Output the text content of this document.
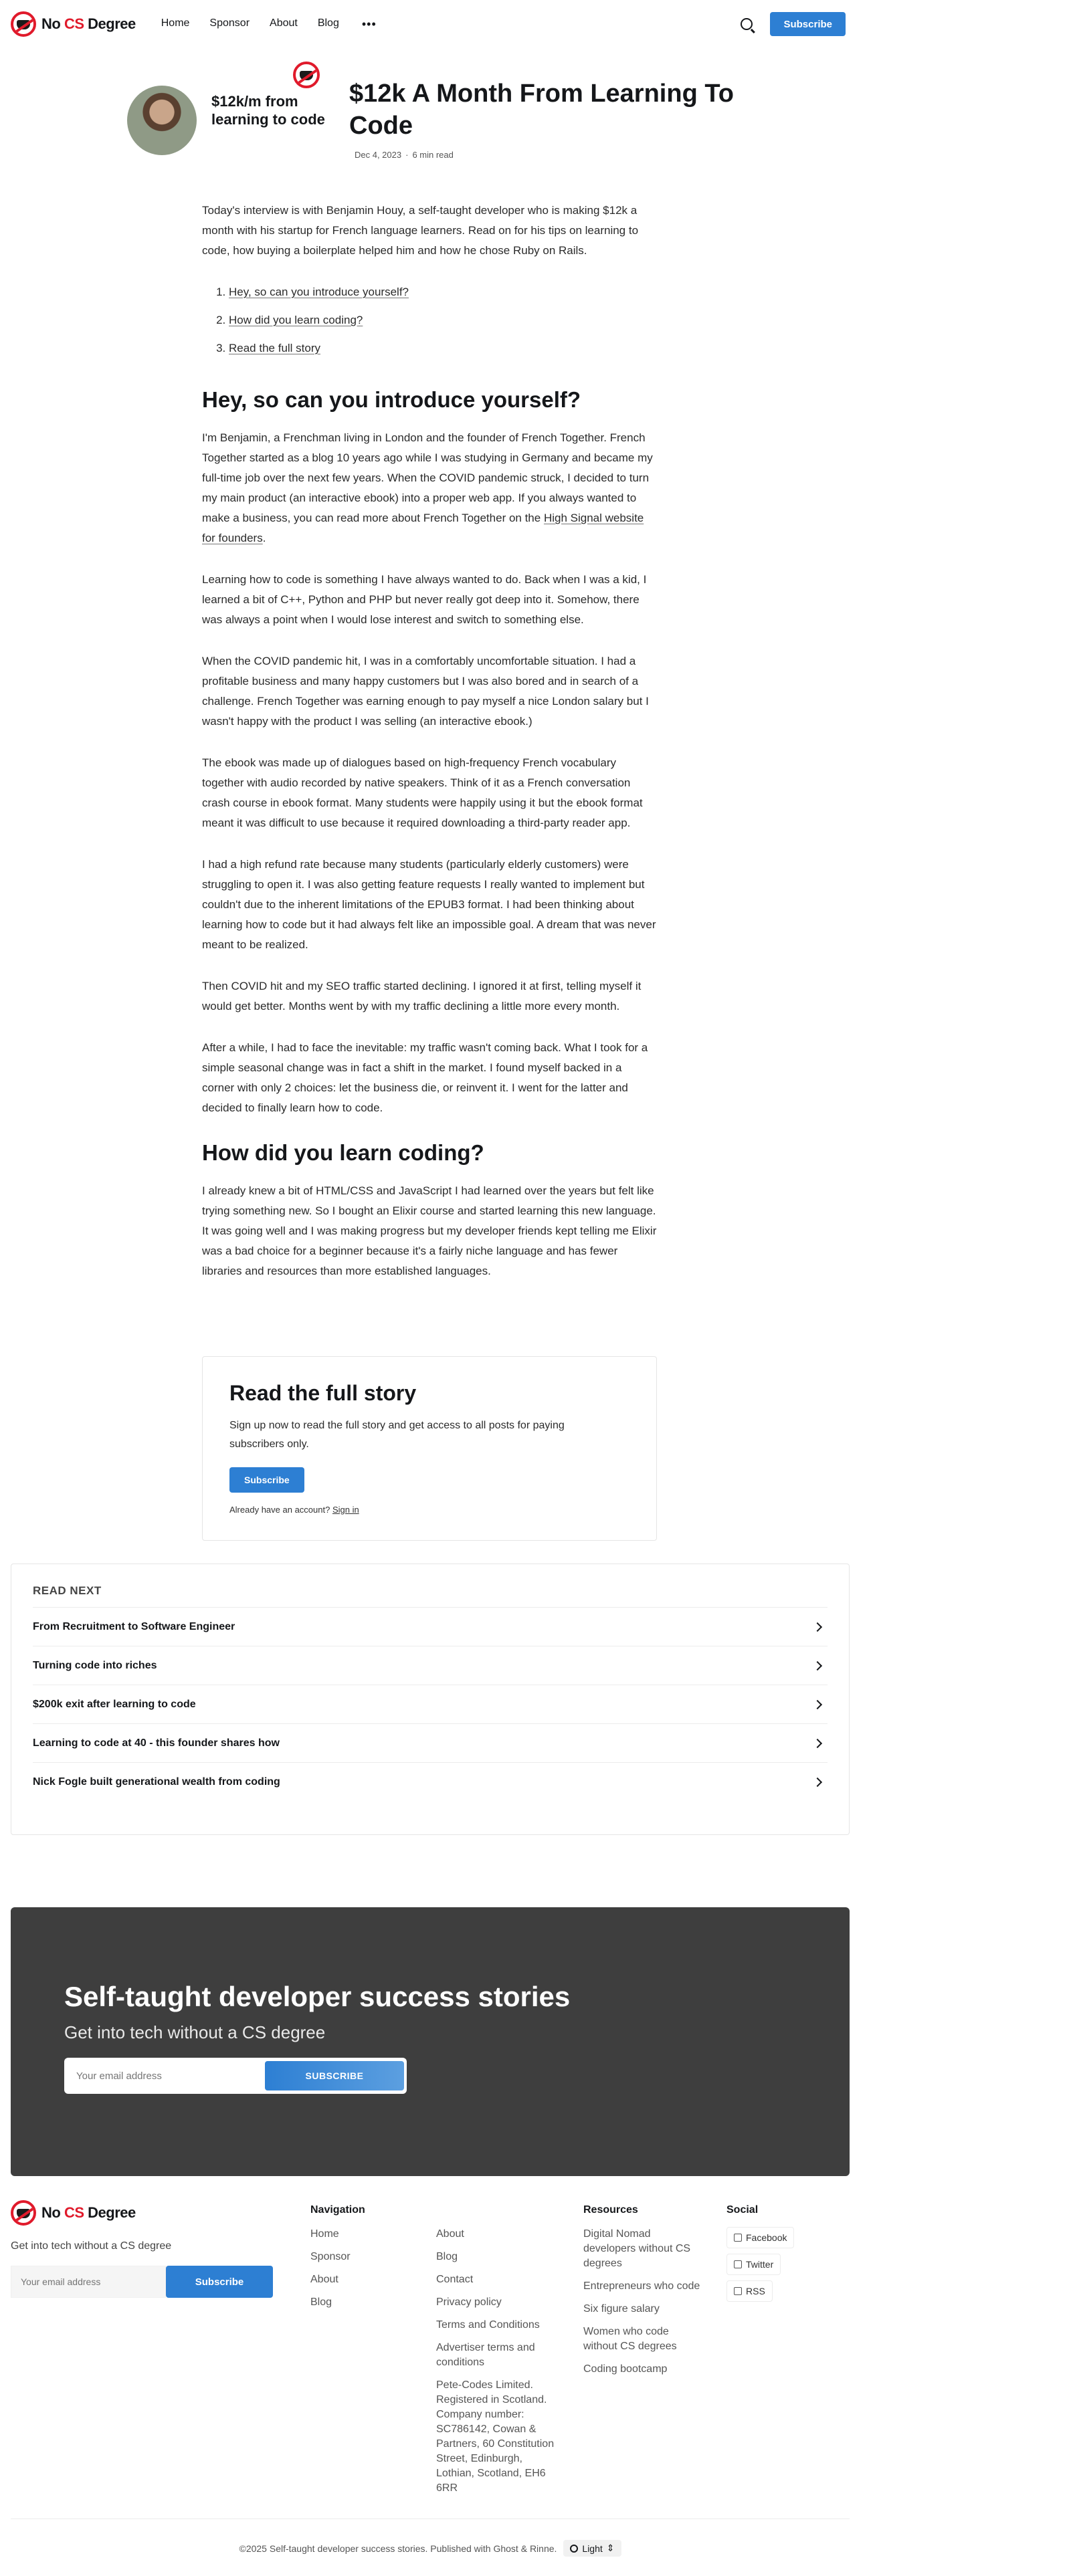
No CS Degree Home Sponsor About Blog •••	Subscribe
$12k/m from learning to code
$12k A Month From Learning To Code
Dec 4, 2023 · 6 min read

Today's interview is with Benjamin Houy, a self-taught developer who is making $12k a month with his startup for French language learners. Read on for his tips on learning to code, how buying a boilerplate helped him and how he chose Ruby on Rails.

1. Hey, so can you introduce yourself?
2. How did you learn coding?
3. Read the full story
Hey, so can you introduce yourself?

I'm Benjamin, a Frenchman living in London and the founder of French Together. French Together started as a blog 10 years ago while I was studying in Germany and became my full-time job over the next few years. When the COVID pandemic struck, I decided to turn my main product (an interactive ebook) into a proper web app. If you always wanted to make a business, you can read more about French Together on the High Signal website for founders.

Learning how to code is something I have always wanted to do. Back when I was a kid, I learned a bit of C++, Python and PHP but never really got deep into it. Somehow, there was always a point when I would lose interest and switch to something else.

When the COVID pandemic hit, I was in a comfortably uncomfortable situation. I had a profitable business and many happy customers but I was also bored and in search of a challenge. French Together was earning enough to pay myself a nice London salary but I wasn't happy with the product I was selling (an interactive ebook.)

The ebook was made up of dialogues based on high-frequency French vocabulary together with audio recorded by native speakers. Think of it as a French conversation crash course in ebook format. Many students were happily using it but the ebook format meant it was difficult to use because it required downloading a third-party reader app.

I had a high refund rate because many students (particularly elderly customers) were struggling to open it. I was also getting feature requests I really wanted to implement but couldn't due to the inherent limitations of the EPUB3 format. I had been thinking about learning how to code but it had always felt like an impossible goal. A dream that was never meant to be realized.

Then COVID hit and my SEO traffic started declining. I ignored it at first, telling myself it would get better. Months went by with my traffic declining a little more every month.

After a while, I had to face the inevitable: my traffic wasn't coming back. What I took for a simple seasonal change was in fact a shift in the market. I found myself backed in a corner with only 2 choices: let the business die, or reinvent it. I went for the latter and decided to finally learn how to code.

How did you learn coding?

I already knew a bit of HTML/CSS and JavaScript I had learned over the years but felt like trying something new. So I bought an Elixir course and started learning this new language. It was going well and I was making progress but my developer friends kept telling me Elixir was a bad choice for a beginner because it's a fairly niche language and has fewer libraries and resources than more established languages.

Read the full story

Sign up now to read the full story and get access to all posts for paying subscribers only.

Subscribe
Already have an account? Sign in
READ NEXT
From Recruitment to Software Engineer
Turning code into riches
$200k exit after learning to code
Learning to code at 40 - this founder shares how
Nick Fogle built generational wealth from coding
Self-taught developer success stories
Get into tech without a CS degree
Your email address
SUBSCRIBE
No CS Degree
Get into tech without a CS degree
Your email address
Subscribe
Navigation
Home
Sponsor
About
Blog
About
Blog
Contact
Privacy policy
Terms and Conditions
Advertiser terms and conditions
Pete-Codes Limited. Registered in Scotland. Company number: SC786142, Cowan & Partners, 60 Constitution Street, Edinburgh, Lothian, Scotland, EH6 6RR
Resources
Digital Nomad developers without CS degrees
Entrepreneurs who code
Six figure salary
Women who code without CS degrees
Coding bootcamp
Social
Facebook
Twitter
RSS
©2025 Self-taught developer success stories. Published with Ghost & Rinne.	Light ⇕
